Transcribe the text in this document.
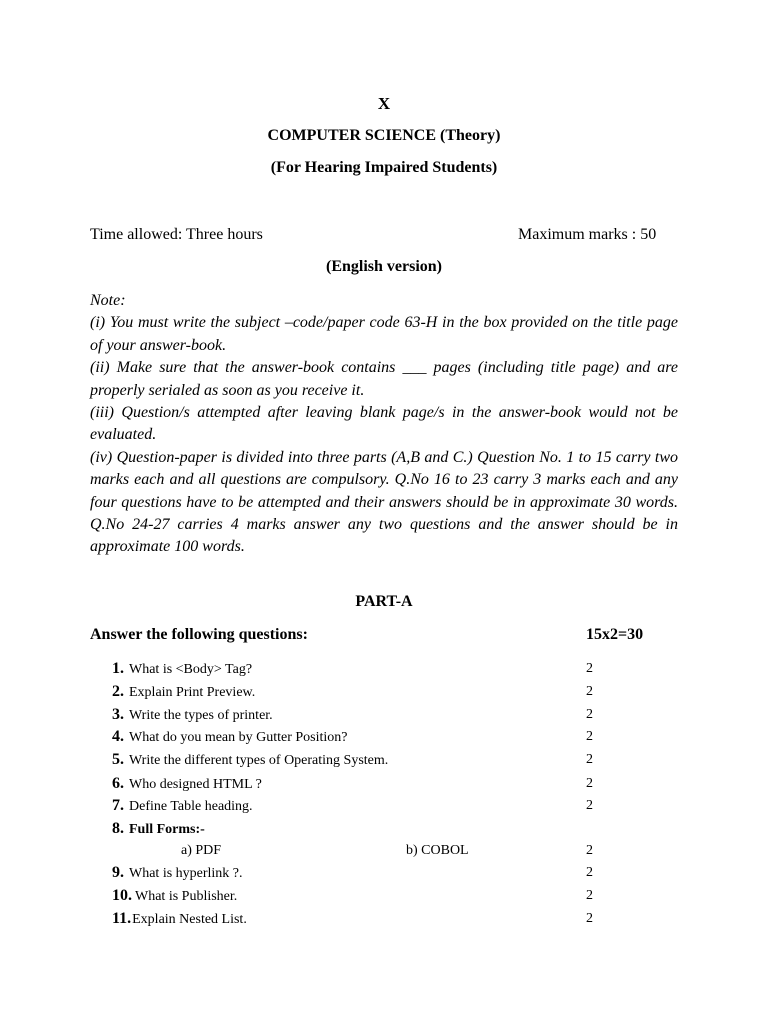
X
COMPUTER SCIENCE (Theory)
(For Hearing Impaired Students)
Time allowed: Three hours	Maximum marks : 50
(English version)

Note:

(i) You must write the subject –code/paper code 63-H in the box provided on the title page of your answer-book.

(ii) Make sure that the answer-book contains ___ pages (including title page) and are properly serialed as soon as you receive it.

(iii) Question/s attempted after leaving blank page/s in the answer-book would not be evaluated.

(iv) Question-paper is divided into three parts (A,B and C.) Question No. 1 to 15 carry two marks each and all questions are compulsory. Q.No 16 to 23 carry 3 marks each and any four questions have to be attempted and their answers should be in approximate 30 words. Q.No 24-27 carries 4 marks answer any two questions and the answer should be in approximate 100 words.

PART-A
Answer the following questions:	15x2=30
1. What is <Body> Tag?	2
2. Explain Print Preview.	2
3. Write the types of printer.	2
4. What do you mean by Gutter Position?	2
5. Write the different types of Operating System.	2
6. Who designed HTML ?	2
7. Define Table heading.	2
8. Full Forms:-
a) PDF	b) COBOL	2
9. What is hyperlink ?.	2
10. What is Publisher.	2
11.Explain Nested List.	2
